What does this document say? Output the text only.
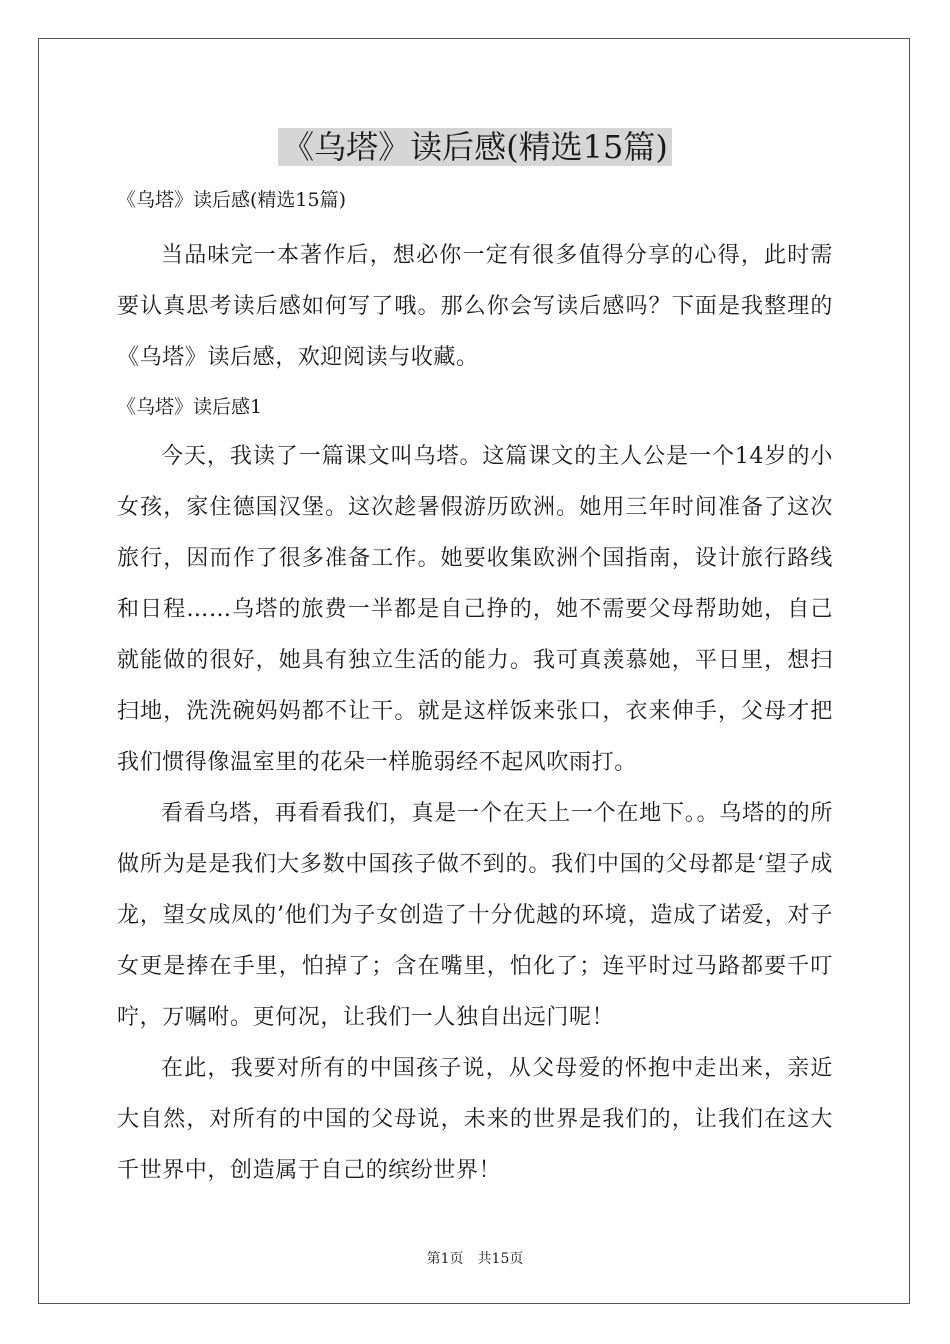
《乌塔》读后感(精选15篇)
《乌塔》读后感(精选15篇)

当品味完一本著作后，想必你一定有很多值得分享的心得，此时需要认真思考读后感如何写了哦。那么你会写读后感吗？下面是我整理的《乌塔》读后感，欢迎阅读与收藏。

《乌塔》读后感1

今天，我读了一篇课文叫乌塔。这篇课文的主人公是一个14岁的小女孩，家住德国汉堡。这次趁暑假游历欧洲。她用三年时间准备了这次旅行，因而作了很多准备工作。她要收集欧洲个国指南，设计旅行路线和日程……乌塔的旅费一半都是自己挣的，她不需要父母帮助她，自己就能做的很好，她具有独立生活的能力。我可真羡慕她，平日里，想扫扫地，洗洗碗妈妈都不让干。就是这样饭来张口，衣来伸手，父母才把我们惯得像温室里的花朵一样脆弱经不起风吹雨打。

看看乌塔，再看看我们，真是一个在天上一个在地下。。乌塔的的所做所为是是我们大多数中国孩子做不到的。我们中国的父母都是‘望子成龙，望女成凤的’他们为子女创造了十分优越的环境，造成了诺爱，对子女更是捧在手里，怕掉了；含在嘴里，怕化了；连平时过马路都要千叮咛，万嘱咐。更何况，让我们一人独自出远门呢！

在此，我要对所有的中国孩子说，从父母爱的怀抱中走出来，亲近大自然，对所有的中国的父母说，未来的世界是我们的，让我们在这大千世界中，创造属于自己的缤纷世界！

第1页　共15页
